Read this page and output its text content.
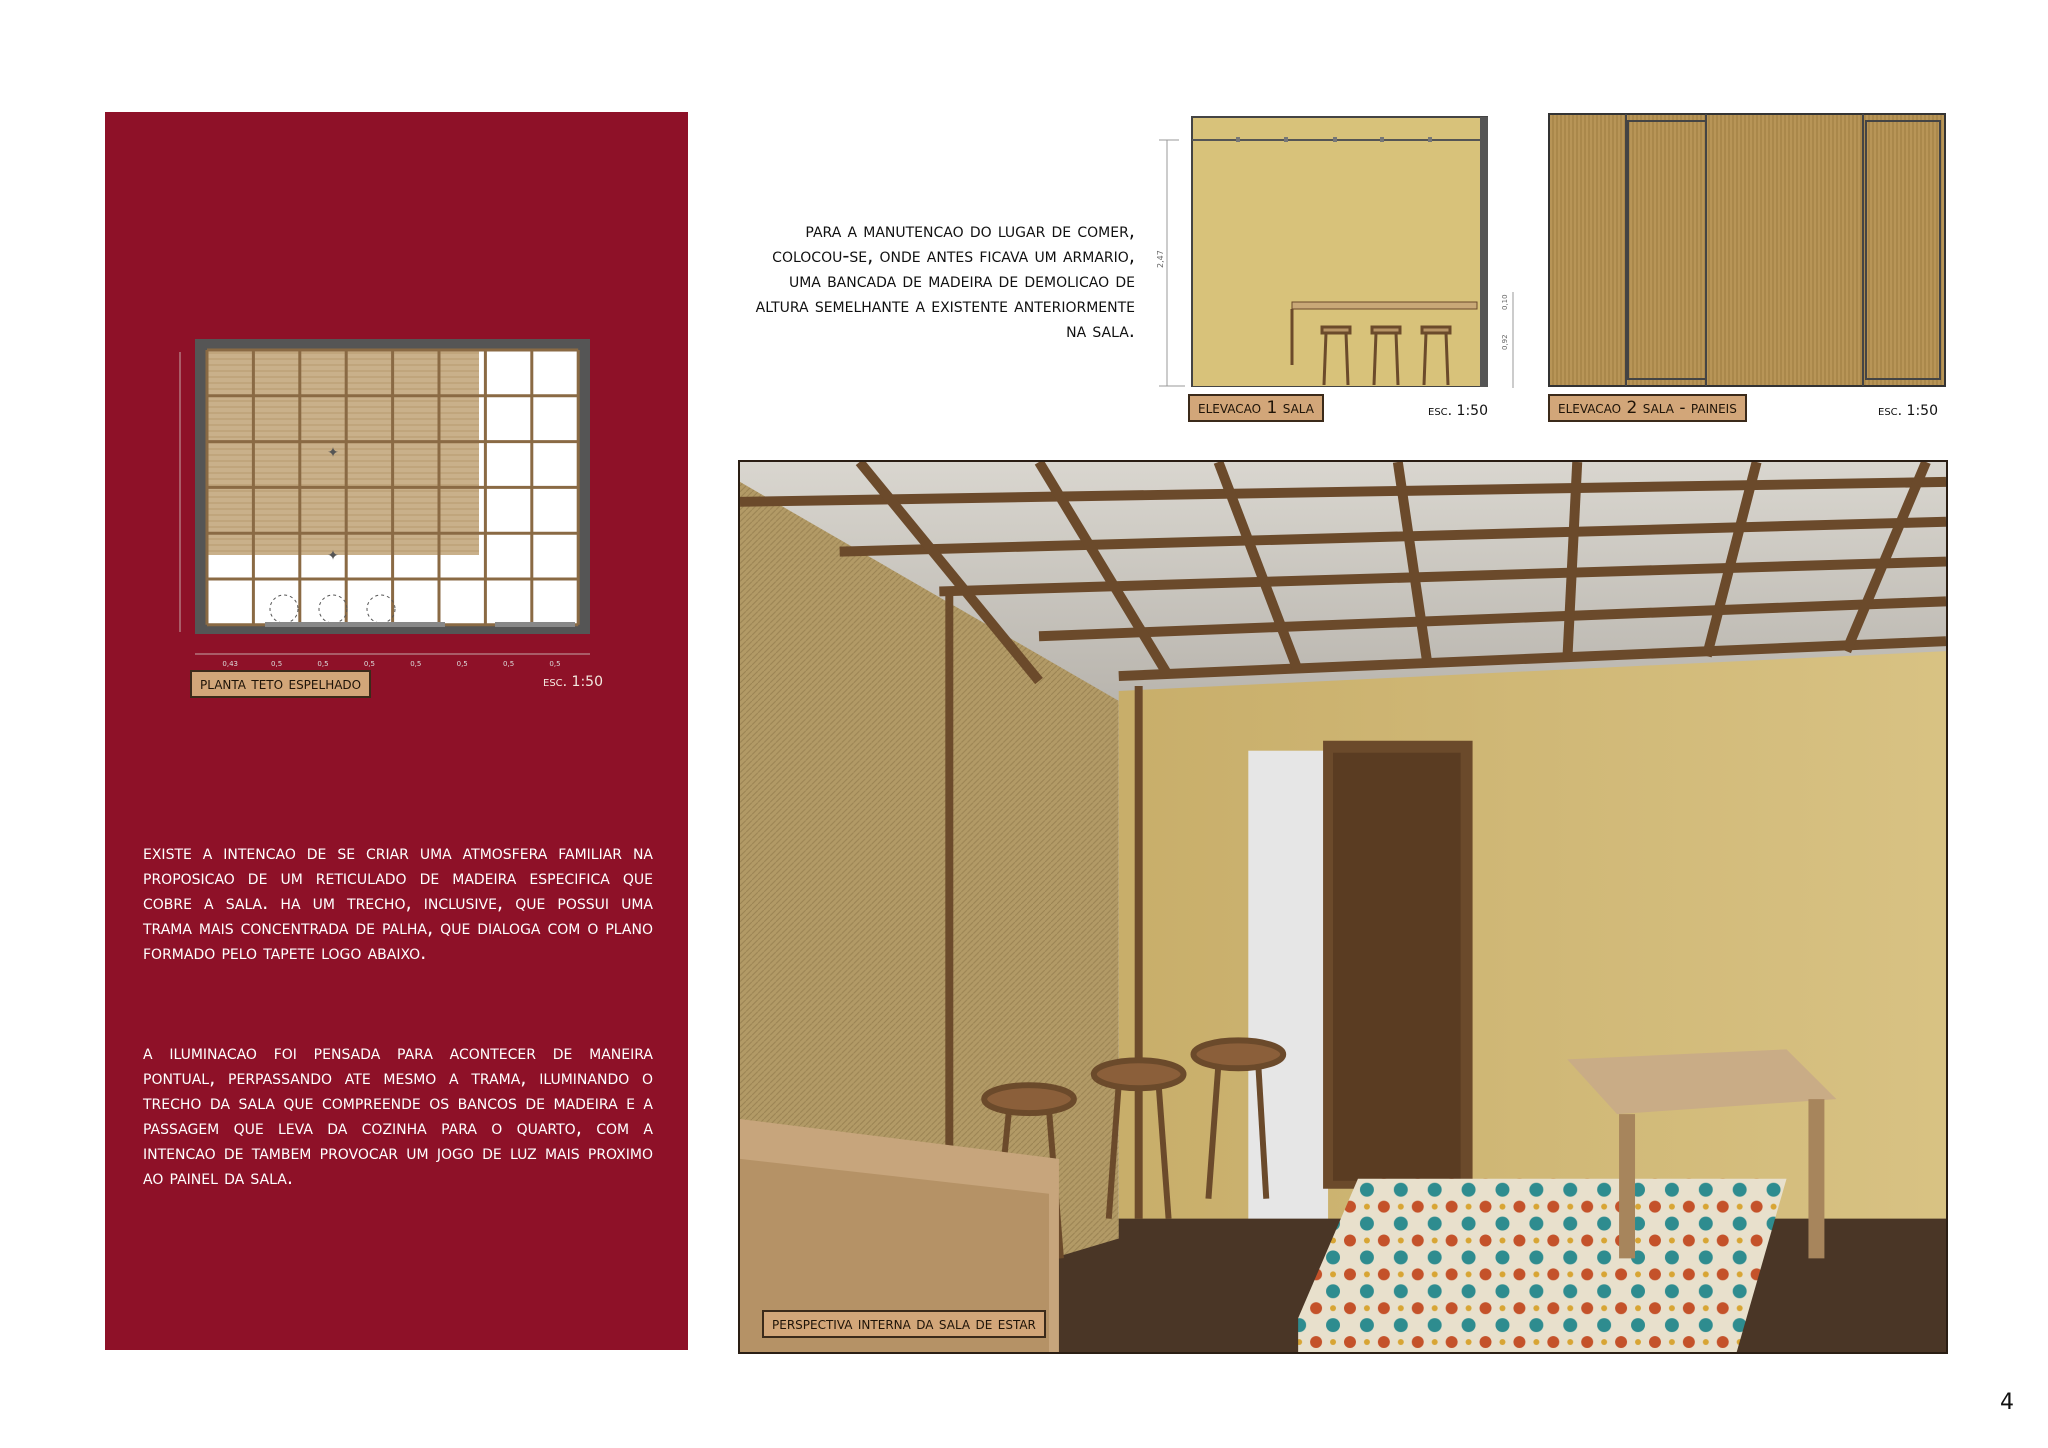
✦
✦
0,43	0,5	0,5	0,5	0,5	0,5	0,5	0,5
planta teto espelhado	esc. 1:50
existe a intencao de se criar uma atmosfera familiar na proposicao de um reticulado de madeira especifica que cobre a sala. ha um trecho, inclusive, que possui uma trama mais concentrada de palha, que dialoga com o plano formado pelo tapete logo abaixo.
a iluminacao foi pensada para acontecer de maneira pontual, perpassando ate mesmo a trama, iluminando o trecho da sala que compreende os bancos de madeira e a passagem que leva da cozinha para o quarto, com a intencao de tambem provocar um jogo de luz mais proximo ao painel da sala.
para a manutencao do lugar de comer, colocou-se, onde antes ficava um armario, uma bancada de madeira de demolicao de altura semelhante a existente anteriormente na sala.
2,47
0,10
0,92
elevacao 1 sala	esc. 1:50	elevacao 2 sala - paineis	esc. 1:50
perspectiva interna da sala de estar
4
